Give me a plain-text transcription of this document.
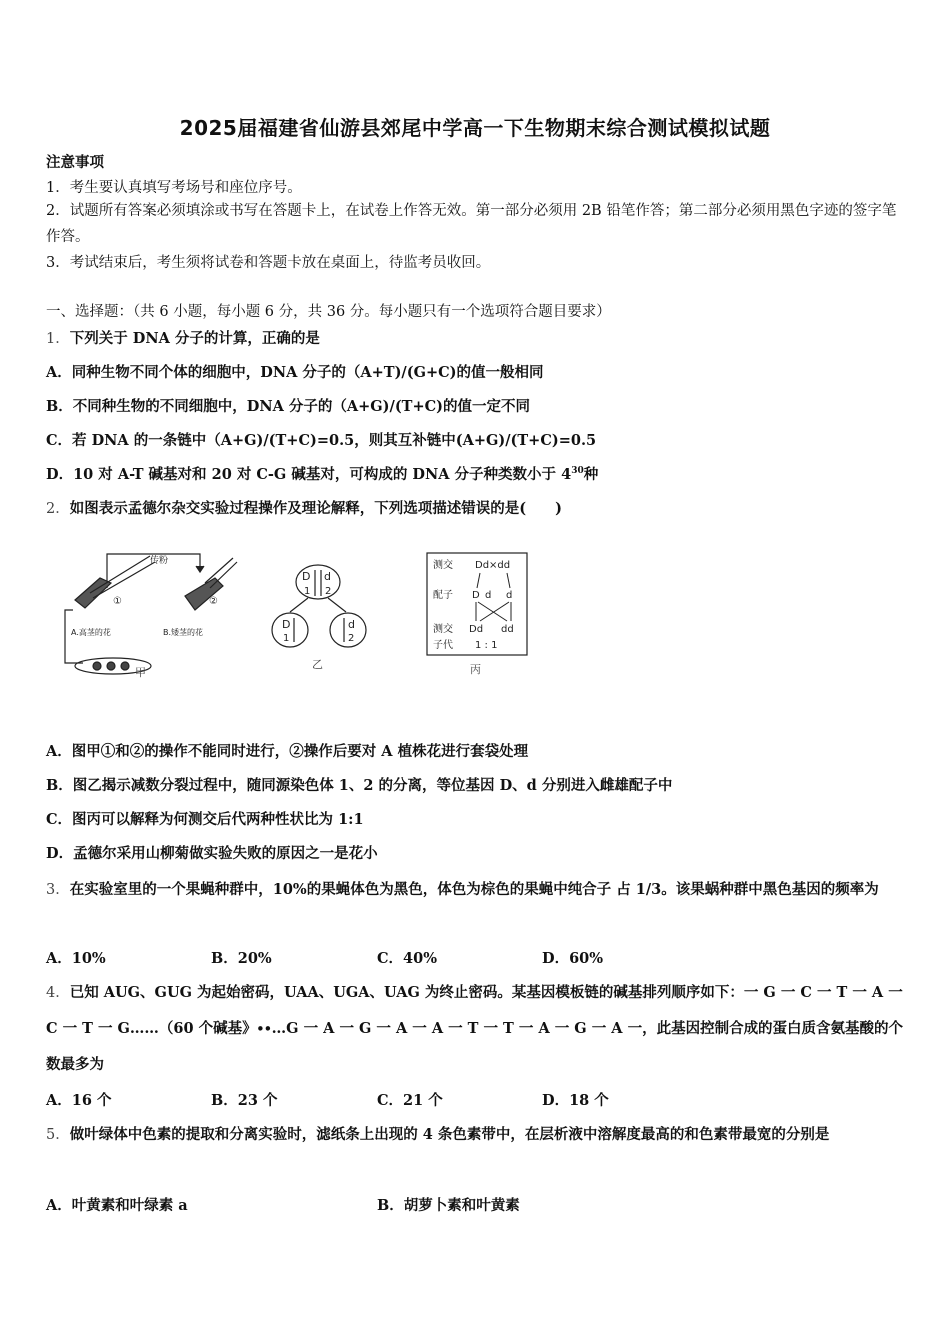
2025届福建省仙游县郊尾中学高一下生物期末综合测试模拟试题
注意事项
1．考生要认真填写考场号和座位序号。
2．试题所有答案必须填涂或书写在答题卡上，在试卷上作答无效。第一部分必须用 2B 铅笔作答；第二部分必须用黑色字迹的签字笔作答。
3．考试结束后，考生须将试卷和答题卡放在桌面上，待监考员收回。
一、选择题：（共 6 小题，每小题 6 分，共 36 分。每小题只有一个选项符合题目要求）
1．下列关于 DNA 分子的计算，正确的是
A．同种生物不同个体的细胞中，DNA 分子的（A+T)/(G+C)的值一般相同
B．不同种生物的不同细胞中，DNA 分子的（A+G)/(T+C)的值一定不同
C．若 DNA 的一条链中（A+G)/(T+C)=0.5，则其互补链中(A+G)/(T+C)=0.5
D．10 对 A-T 碱基对和 20 对 C-G 碱基对，可构成的 DNA 分子种类数小于 $4^{30}$种
2．如图表示孟德尔杂交实验过程操作及理论解释，下列选项描述错误的是(　　)
传粉
①	②
A.高茎的花	B.矮茎的花
甲
D d
1 2
D
1
d
2
乙
测交 Dd×dd
配子 D d d
测交 Dd dd
子代 1 : 1
丙
A．图甲①和②的操作不能同时进行，②操作后要对 A 植株花进行套袋处理
B．图乙揭示减数分裂过程中，随同源染色体 1、2 的分离，等位基因 D、d 分别进入雌雄配子中
C．图丙可以解释为何测交后代两种性状比为 1:1
D．孟德尔采用山柳菊做实验失败的原因之一是花小
3．在实验室里的一个果蝇种群中，10%的果蝇体色为黑色，体色为棕色的果蝇中纯合子 占 1/3。该果蜗种群中黑色基因的频率为
A．10%	B．20%	C．40%	D．60%
4．已知 AUG、GUG 为起始密码，UAA、UGA、UAG 为终止密码。某基因模板链的碱基排列顺序如下：一 G 一 C 一 T 一 A 一 C 一 T 一 G……（60 个碱基》∙∙…G 一 A 一 G 一 A 一 A 一 T 一 T 一 A 一 G 一 A 一，此基因控制合成的蛋白质含氨基酸的个数最多为
A．16 个	B．23 个	C．21 个	D．18 个
5．做叶绿体中色素的提取和分离实验时，滤纸条上出现的 4 条色素带中，在层析液中溶解度最高的和色素带最宽的分别是
A．叶黄素和叶绿素 a	B．胡萝卜素和叶黄素
